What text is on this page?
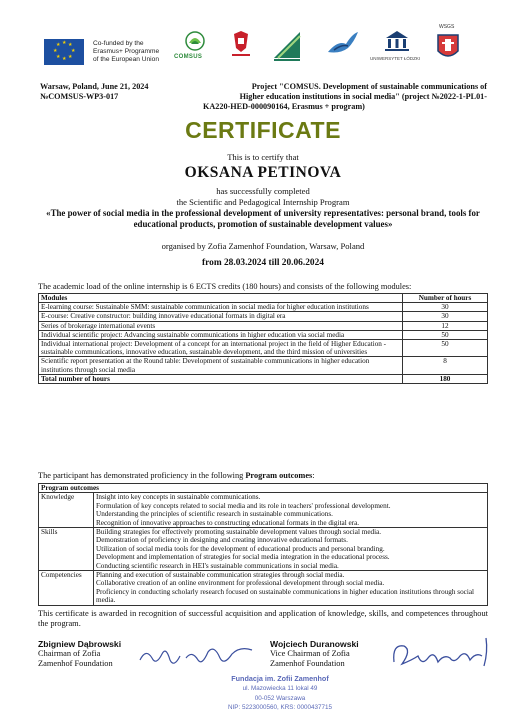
★ ★
★
★
★
★
★
★	Co-funded by the
Erasmus+ Programme
of the European Union	COMSUS	UNIWERSYTET ŁÓDZKI
WSGS
Warsaw, Poland, June 21, 2024
№COMSUS-WP3-017
Project "COMSUS. Development of sustainable communications of
Higher education institutions in social media" (project №2022-1-PL01-
KA220-HED-000090164, Erasmus + program)
CERTIFICATE
This is to certify that
OKSANA PETINOVA
has successfully completed
the Scientific and Pedagogical Internship Program
«The power of social media in the professional development of university representatives: personal brand, tools for educational products, promotion of sustainable development values»
organised by Zofia Zamenhof Foundation, Warsaw, Poland
from 28.03.2024 till 20.06.2024
The academic load of the online internship is 6 ECTS credits (180 hours) and consists of the following modules:
Modules	Number of hours
E-learning course: Sustainable SMM: sustainable communication in social media for higher education institutions	30
E-course: Creative constructor: building innovative educational formats in digital era	30
Series of brokerage international events	12
Individual scientific project: Advancing sustainable communications in higher education via social media	50
Individual international project: Development of a concept for an international project in the field of Higher Education - sustainable communications, innovative education, sustainable development, and the third mission of universities	50
Scientific report presentation at the Round table: Development of sustainable communications in higher education institutions through social media	8
Total number of hours	180
The participant has demonstrated proficiency in the following Program outcomes:
Program outcomes	
Knowledge	Insight into key concepts in sustainable communications.
Formulation of key concepts related to social media and its role in teachers' professional development.
Understanding the principles of scientific research in sustainable communications.
Recognition of innovative approaches to constructing educational formats in the digital era.

Skills	Building strategies for effectively promoting sustainable development values through social media.
Demonstration of proficiency in designing and creating innovative educational formats.
Utilization of social media tools for the development of educational products and personal branding.
Development and implementation of strategies for social media integration in the educational process.
Conducting scientific research in HEI's sustainable communications in social media.

Competencies	Planning and execution of sustainable communication strategies through social media.
Collaborative creation of an online environment for professional development through social media.
Proficiency in conducting scholarly research focused on sustainable communications in higher education institutions through social media.
This certificate is awarded in recognition of successful acquisition and application of knowledge, skills, and competences throughout the program.
Zbigniew Dąbrowski
Chairman of Zofia
Zamenhof Foundation
Wojciech Duranowski
Vice Chairman of Zofia
Zamenhof Foundation
Fundacja im. Zofii Zamenhof
ul. Mazowiecka 11 lokal 49
00-052 Warszawa
NIP: 5223000560, KRS: 0000437715
